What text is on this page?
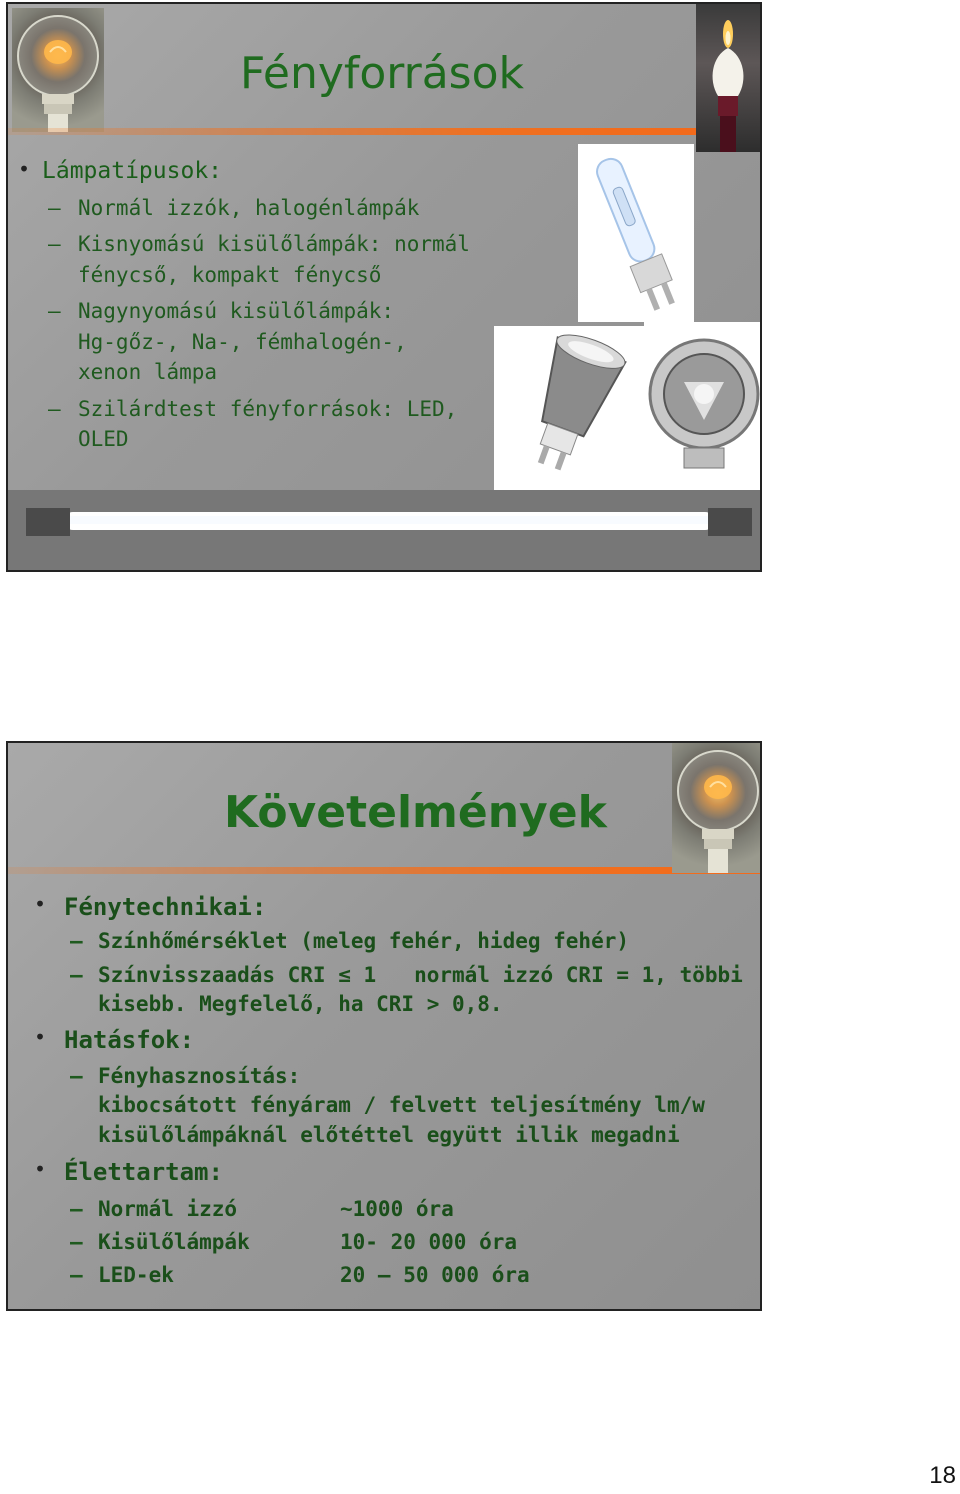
Fényforrások
• Lámpatípusok:
– Normál izzók, halogénlámpák
– Kisnyomású kisülőlámpák: normál
fénycső, kompakt fénycső
– Nagynyomású kisülőlámpák:
Hg-gőz-, Na-, fémhalogén-,
xenon lámpa
– Szilárdtest fényforrások: LED,
OLED
Követelmények
• Fénytechnikai:
– Színhőmérséklet (meleg fehér, hideg fehér)
– Színvisszaadás CRI ≤ 1   normál izzó CRI = 1, többi
kisebb. Megfelelő, ha CRI > 0,8.
• Hatásfok:
– Fényhasznosítás:
kibocsátott fényáram / felvett teljesítmény lm/w
kisülőlámpáknál előtéttel együtt illik megadni
• Élettartam:
– Normál izzó	~1000 óra
– Kisülőlámpák	10- 20 000 óra
– LED-ek	20 – 50 000 óra
18
